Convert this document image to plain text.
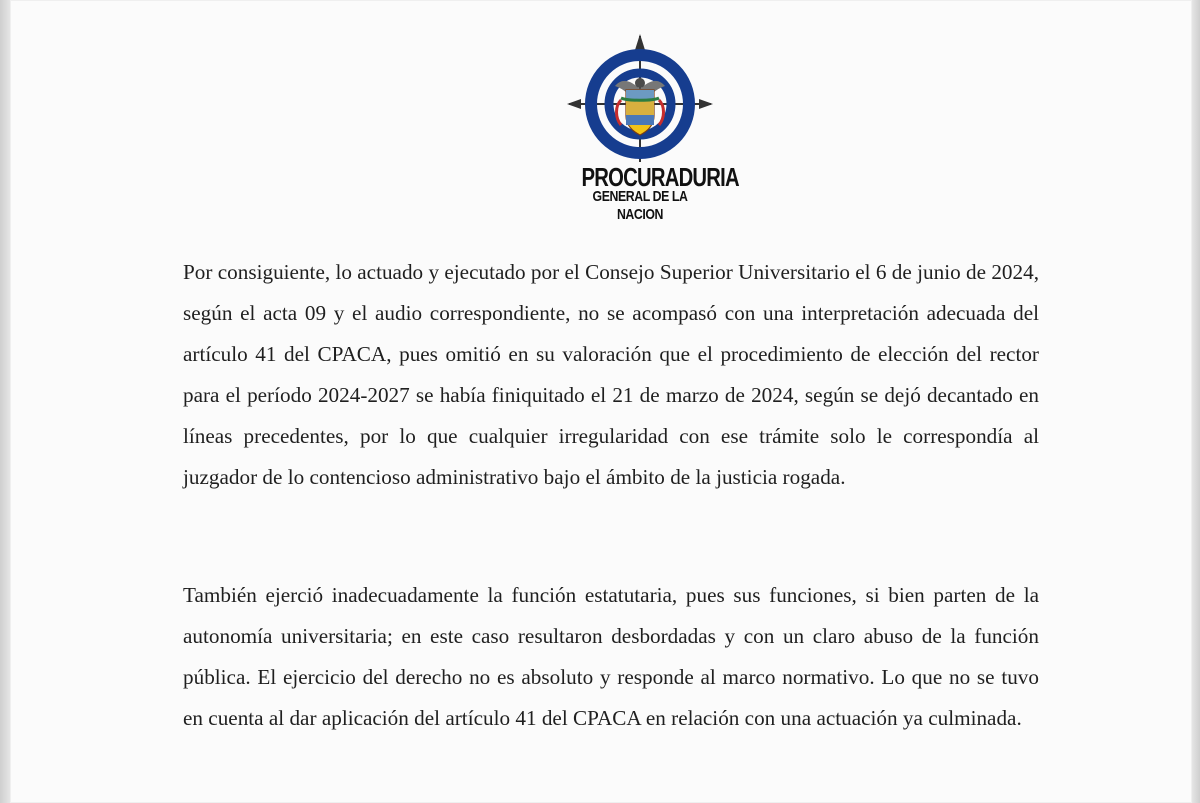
PROCURADURIA
GENERAL DE LA NACION

Por consiguiente, lo actuado y ejecutado por el Consejo Superior Universitario el 6 de junio de 2024, según el acta 09 y el audio correspondiente, no se acompasó con una interpretación adecuada del artículo 41 del CPACA, pues omitió en su valoración que el procedimiento de elección del rector para el período 2024-2027 se había finiquitado el 21 de marzo de 2024, según se dejó decantado en líneas precedentes, por lo que cualquier irregularidad con ese trámite solo le correspondía al juzgador de lo contencioso administrativo bajo el ámbito de la justicia rogada.

También ejerció inadecuadamente la función estatutaria, pues sus funciones, si bien parten de la autonomía universitaria; en este caso resultaron desbordadas y con un claro abuso de la función pública. El ejercicio del derecho no es absoluto y responde al marco normativo. Lo que no se tuvo en cuenta al dar aplicación del artículo 41 del CPACA en relación con una actuación ya culminada.
